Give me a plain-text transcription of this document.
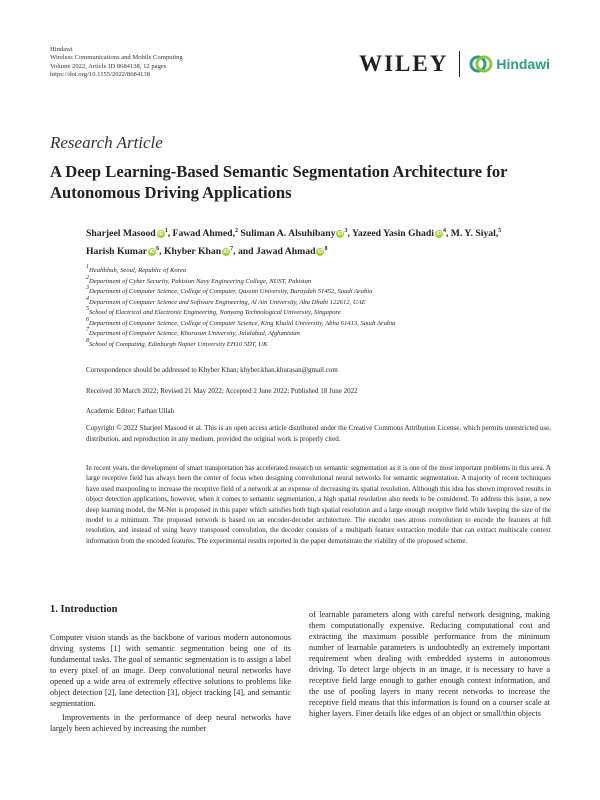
Hindawi
Wireless Communications and Mobile Computing
Volume 2022, Article ID 8684138, 12 pages
https://doi.org/10.1155/2022/8684138	WILEY	Hindawi
Research Article
A Deep Learning-Based Semantic Segmentation Architecture for Autonomous Driving Applications
Sharjeel Masood $iD^1$, Fawad Ahmed,$^2$ Suliman A. Alsuhibany $iD^3$, Yazeed Yasin Ghadi $iD^4$, M. Y. Siyal,$^5$ Harish Kumar $iD^6$, Khyber Khan $iD^7$, and Jawad Ahmad $iD^8$
$^1$Healthhub, Seoul, Republic of Korea
$^2$Department of Cyber Security, Pakistan Navy Engineering College, NUST, Pakistan
$^3$Department of Computer Science, College of Computer, Qassim University, Buraydah 51452, Saudi Arabia
$^4$Department of Computer Science and Software Engineering, Al Ain University, Abu Dhabi 122612, UAE
$^5$School of Electrical and Electronic Engineering, Nanyang Technological University, Singapore
$^6$Department of Computer Science, College of Computer Science, King Khalid University, Abha 61413, Saudi Arabia
$^7$Department of Computer Science, Khurasan University, Jalalabad, Afghanistan
$^8$School of Computing, Edinburgh Napier University EH10 5DT, UK
Correspondence should be addressed to Khyber Khan; khyber.khan.khurasan@gmail.com
Received 30 March 2022; Revised 21 May 2022; Accepted 2 June 2022; Published 18 June 2022
Academic Editor: Farhan Ullah
Copyright © 2022 Sharjeel Masood et al. This is an open access article distributed under the Creative Commons Attribution License, which permits unrestricted use, distribution, and reproduction in any medium, provided the original work is properly cited.
In recent years, the development of smart transportation has accelerated research on semantic segmentation as it is one of the most important problems in this area. A large receptive field has always been the center of focus when designing convolutional neural networks for semantic segmentation. A majority of recent techniques have used maxpooling to increase the receptive field of a network at an expense of decreasing its spatial resolution. Although this idea has shown improved results in object detection applications, however, when it comes to semantic segmentation, a high spatial resolution also needs to be considered. To address this issue, a new deep learning model, the M-Net is proposed in this paper which satisfies both high spatial resolution and a large enough receptive field while keeping the size of the model to a minimum. The proposed network is based on an encoder-decoder architecture. The encoder uses atrous convolution to encode the features at full resolution, and instead of using heavy transposed convolution, the decoder consists of a multipath feature extraction module that can extract multiscale context information from the encoded features. The experimental results reported in the paper demonstrate the viability of the proposed scheme.
1. Introduction

Computer vision stands as the backbone of various modern autonomous driving systems [1] with semantic segmentation being one of its fundamental tasks. The goal of semantic segmentation is to assign a label to every pixel of an image. Deep convolutional neural networks have opened up a wide area of extremely effective solutions to problems like object detection [2], lane detection [3], object tracking [4], and semantic segmentation.

Improvements in the performance of deep neural networks have largely been achieved by increasing the number

of learnable parameters along with careful network designing, making them computationally expensive. Reducing computational cost and extracting the maximum possible performance from the minimum number of learnable parameters is undoubtedly an extremely important requirement when dealing with embedded systems in autonomous driving. To detect large objects in an image, it is necessary to have a receptive field large enough to gather enough context information, and the use of pooling layers in many recent networks to increase the receptive field means that this information is found on a courser scale at higher layers. Finer details like edges of an object or small/thin objects
